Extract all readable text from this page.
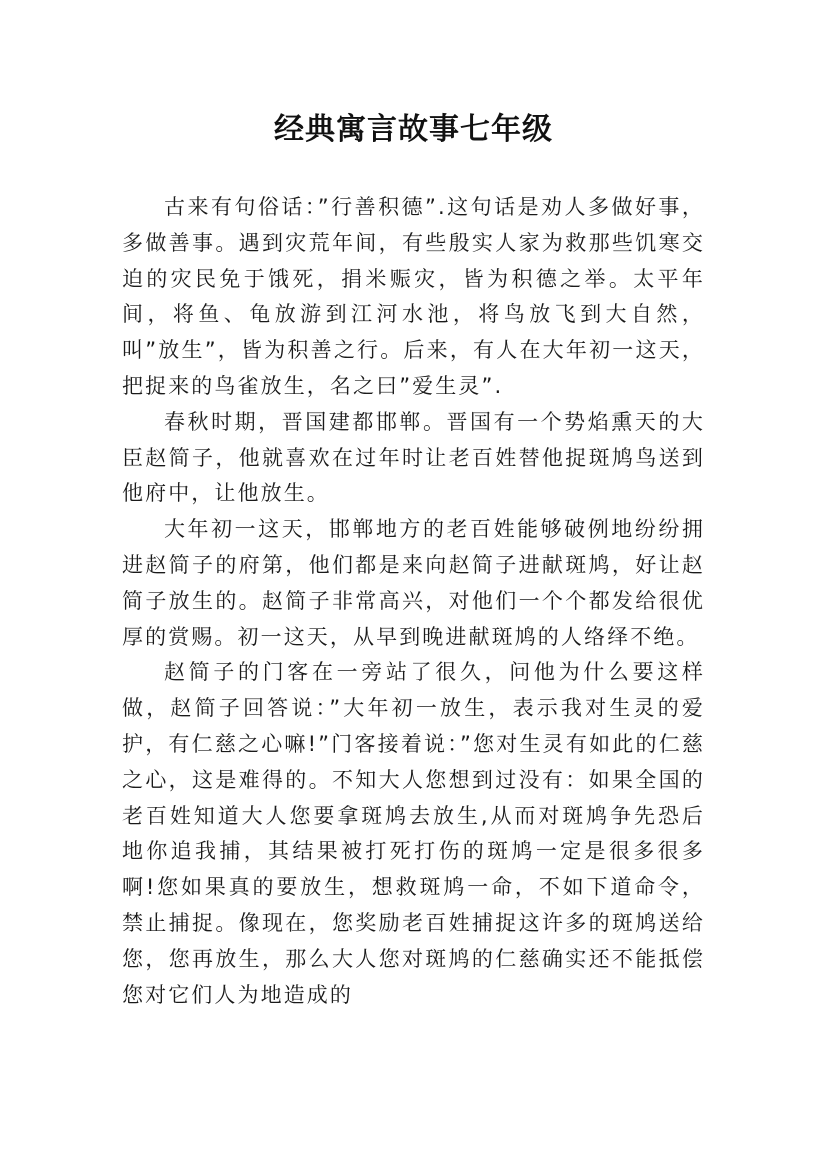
经典寓言故事七年级

古来有句俗话：”行善积德”.这句话是劝人多做好事，多做善事。遇到灾荒年间，有些殷实人家为救那些饥寒交迫的灾民免于饿死，捐米赈灾，皆为积德之举。太平年间，将鱼、龟放游到江河水池，将鸟放飞到大自然，叫”放生”，皆为积善之行。后来，有人在大年初一这天，把捉来的鸟雀放生，名之曰”爱生灵”.

春秋时期，晋国建都邯郸。晋国有一个势焰熏天的大臣赵简子，他就喜欢在过年时让老百姓替他捉斑鸠鸟送到他府中，让他放生。

大年初一这天，邯郸地方的老百姓能够破例地纷纷拥进赵简子的府第，他们都是来向赵简子进献斑鸠，好让赵简子放生的。赵简子非常高兴，对他们一个个都发给很优厚的赏赐。初一这天，从早到晚进献斑鸠的人络绎不绝。

赵简子的门客在一旁站了很久，问他为什么要这样做，赵简子回答说：”大年初一放生，表示我对生灵的爱护，有仁慈之心嘛!”门客接着说：”您对生灵有如此的仁慈之心，这是难得的。不知大人您想到过没有：如果全国的老百姓知道大人您要拿斑鸠去放生,从而对斑鸠争先恐后地你追我捕，其结果被打死打伤的斑鸠一定是很多很多啊!您如果真的要放生，想救斑鸠一命，不如下道命令，禁止捕捉。像现在，您奖励老百姓捕捉这许多的斑鸠送给您，您再放生，那么大人您对斑鸠的仁慈确实还不能抵偿您对它们人为地造成的
